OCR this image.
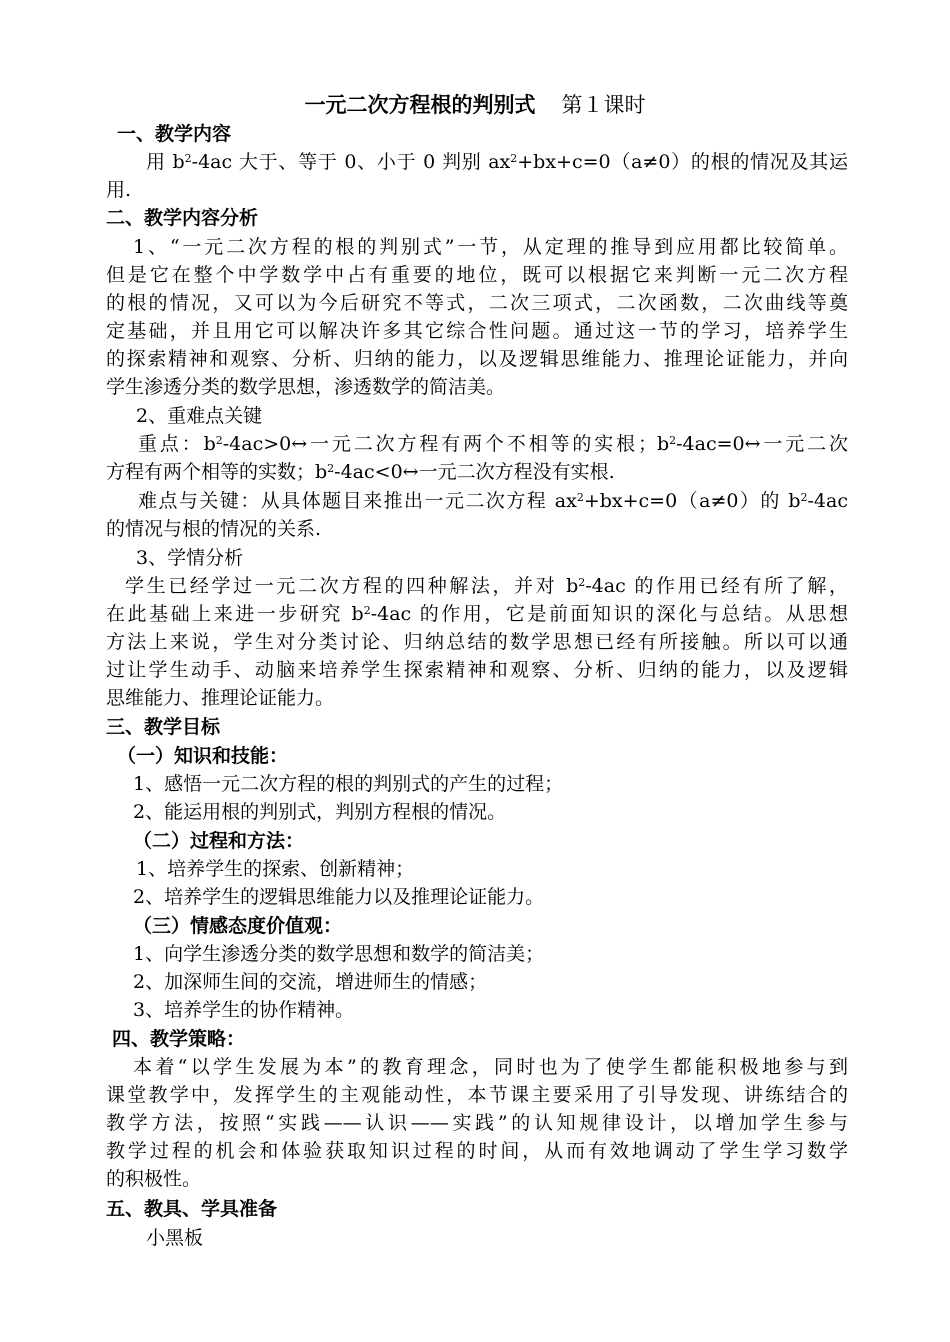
一元二次方程根的判别式 第１课时
一、教学内容
用 $b^2-4ac$ 大于、等于 0、小于 0 判别 $ax^2+bx+c=0(a\ne 0)$的根的情况及其运
用.
二、教学内容分析
1、“一元二次方程的根的判别式”一节，从定理的推导到应用都比较简单。
但是它在整个中学数学中占有重要的地位，既可以根据它来判断一元二次方程
的根的情况，又可以为今后研究不等式，二次三项式，二次函数，二次曲线等奠
定基础，并且用它可以解决许多其它综合性问题。通过这一节的学习，培养学生
的探索精神和观察、分析、归纳的能力，以及逻辑思维能力、推理论证能力，并向
学生渗透分类的数学思想，渗透数学的简洁美。
2、重难点关键
重点：$b^2-4ac>0\leftrightarrow$一元二次方程有两个不相等的实根；$b^2-4ac=0\leftrightarrow$一元二次
方程有两个相等的实数；$b^2-4ac<0\leftrightarrow$一元二次方程没有实根.
难点与关键：从具体题目来推出一元二次方程 $ax^2+bx+c=0(a\ne 0)$的 $b^2-4ac$
的情况与根的情况的关系.
3、学情分析
学生已经学过一元二次方程的四种解法，并对 $b^2-4ac$ 的作用已经有所了解，
在此基础上来进一步研究 $b^2-4ac$ 的作用，它是前面知识的深化与总结。从思想
方法上来说，学生对分类讨论、归纳总结的数学思想已经有所接触。所以可以通
过让学生动手、动脑来培养学生探索精神和观察、分析、归纳的能力，以及逻辑
思维能力、推理论证能力。
三、教学目标
（一）知识和技能：
1、感悟一元二次方程的根的判别式的产生的过程；
2、能运用根的判别式，判别方程根的情况。
（二）过程和方法：
1、培养学生的探索、创新精神；
2、培养学生的逻辑思维能力以及推理论证能力。
（三）情感态度价值观：
1、向学生渗透分类的数学思想和数学的简洁美；
2、加深师生间的交流，增进师生的情感；
3、培养学生的协作精神。
四、教学策略：
本着“以学生发展为本”的教育理念，同时也为了使学生都能积极地参与到
课堂教学中，发挥学生的主观能动性，本节课主要采用了引导发现、讲练结合的
教学方法，按照“实践——认识——实践”的认知规律设计，以增加学生参与
教学过程的机会和体验获取知识过程的时间，从而有效地调动了学生学习数学
的积极性。
五、教具、学具准备
小黑板
